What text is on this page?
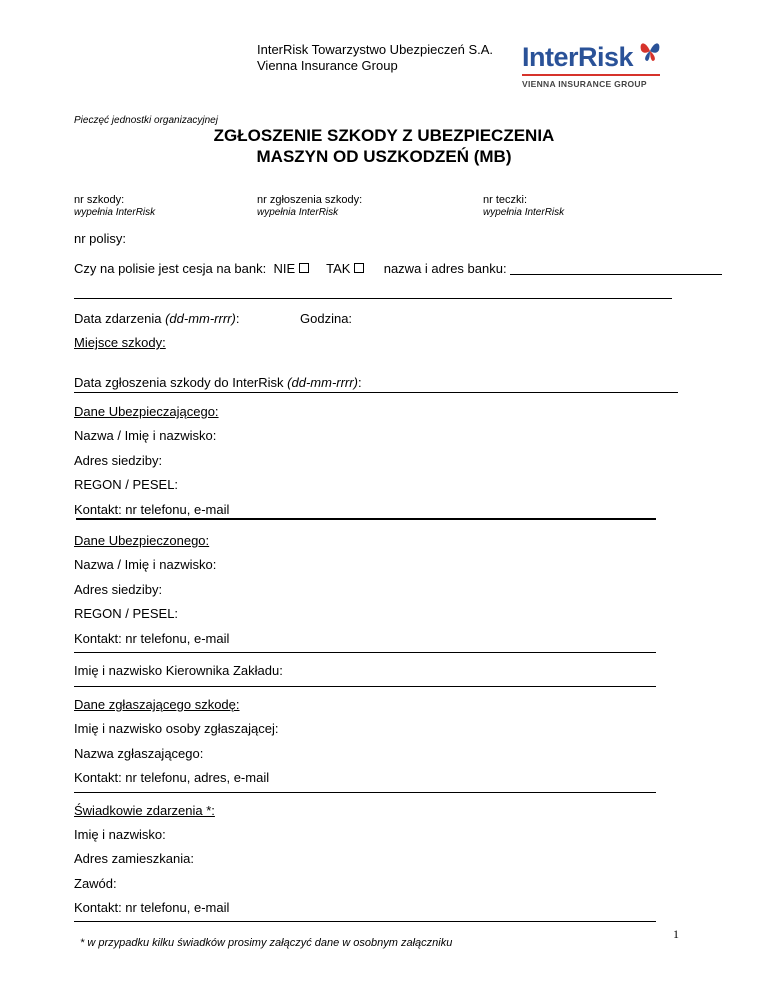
InterRisk Towarzystwo Ubezpieczeń S.A.
Vienna Insurance Group	InterRisk
VIENNA INSURANCE GROUP
Pieczęć jednostki organizacyjnej
ZGŁOSZENIE SZKODY Z UBEZPIECZENIA
MASZYN OD USZKODZEŃ (MB)
nr szkody:
wypełnia InterRisk
nr zgłoszenia szkody:
wypełnia InterRisk
nr teczki:
wypełnia InterRisk
nr polisy:
Czy na polisie jest cesja na bank: NIE TAK	nazwa i adres banku:
Data zdarzenia (dd-mm-rrrr):	Godzina:
Miejsce szkody:
Data zgłoszenia szkody do InterRisk (dd-mm-rrrr):
Dane Ubezpieczającego:
Nazwa / Imię i nazwisko:
Adres siedziby:
REGON / PESEL:
Kontakt: nr telefonu, e-mail
Dane Ubezpieczonego:
Nazwa / Imię i nazwisko:
Adres siedziby:
REGON / PESEL:
Kontakt: nr telefonu, e-mail
Imię i nazwisko Kierownika Zakładu:
Dane zgłaszającego szkodę:
Imię i nazwisko osoby zgłaszającej:
Nazwa zgłaszającego:
Kontakt: nr telefonu, adres, e-mail
Świadkowie zdarzenia *:
Imię i nazwisko:
Adres zamieszkania:
Zawód:
Kontakt: nr telefonu, e-mail
* w przypadku kilku świadków prosimy załączyć dane w osobnym załączniku
1
